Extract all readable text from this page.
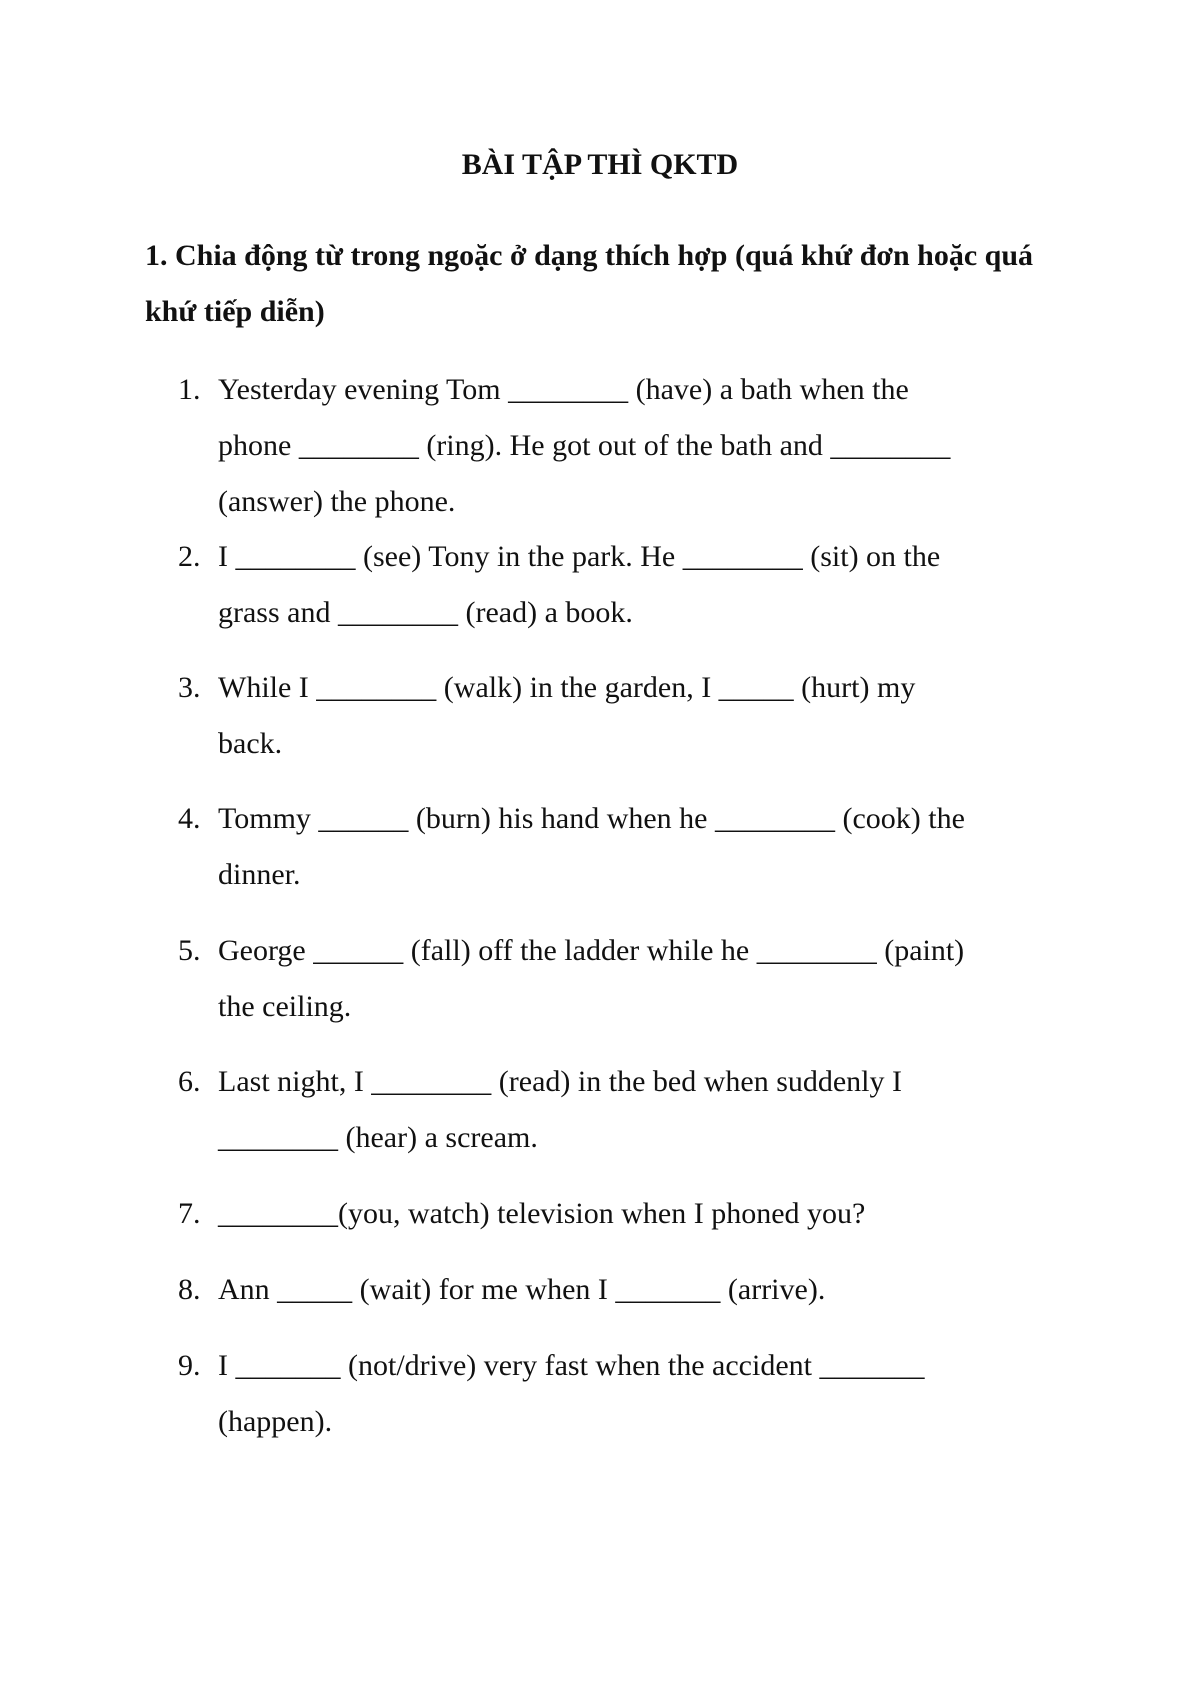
BÀI TẬP THÌ QKTD
1. Chia động từ trong ngoặc ở dạng thích hợp (quá khứ đơn hoặc quá khứ tiếp diễn)
1. Yesterday evening Tom ________ (have) a bath when the
phone ________ (ring). He got out of the bath and ________
(answer) the phone.
2. I ________ (see) Tony in the park. He ________ (sit) on the
grass and ________ (read) a book.
3. While I ________ (walk) in the garden, I _____ (hurt) my
back.
4. Tommy ______ (burn) his hand when he ________ (cook) the
dinner.
5. George ______ (fall) off the ladder while he ________ (paint)
the ceiling.
6. Last night, I ________ (read) in the bed when suddenly I
________ (hear) a scream.
7. ________(you, watch) television when I phoned you?
8. Ann _____ (wait) for me when I _______ (arrive).
9. I _______ (not/drive) very fast when the accident _______
(happen).
